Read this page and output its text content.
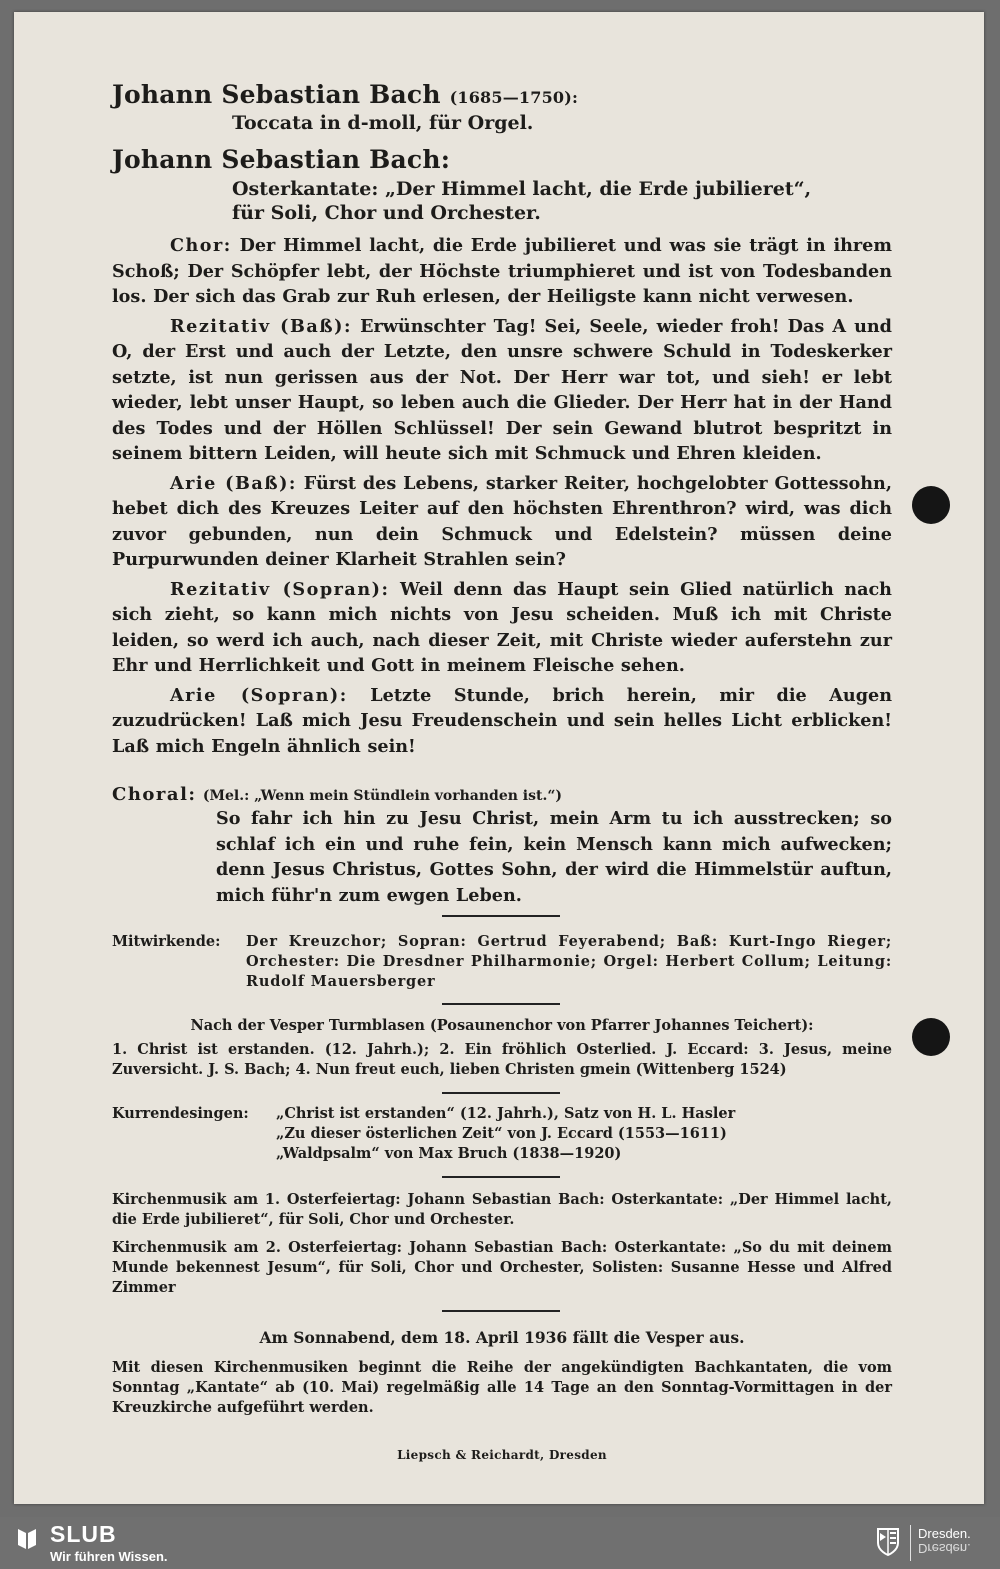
Johann Sebastian Bach (1685—1750):
Toccata in d-moll, für Orgel.
Johann Sebastian Bach:
Osterkantate: „Der Himmel lacht, die Erde jubilieret“,
für Soli, Chor und Orchester.

Chor: Der Himmel lacht, die Erde jubilieret und was sie trägt in ihrem Schoß; Der Schöpfer lebt, der Höchste triumphieret und ist von Todesbanden los. Der sich das Grab zur Ruh erlesen, der Heiligste kann nicht verwesen.

Rezitativ (Baß): Erwünschter Tag! Sei, Seele, wieder froh! Das A und O, der Erst und auch der Letzte, den unsre schwere Schuld in Todeskerker setzte, ist nun gerissen aus der Not. Der Herr war tot, und sieh! er lebt wieder, lebt unser Haupt, so leben auch die Glieder. Der Herr hat in der Hand des Todes und der Höllen Schlüssel! Der sein Gewand blutrot bespritzt in seinem bittern Leiden, will heute sich mit Schmuck und Ehren kleiden.

Arie (Baß): Fürst des Lebens, starker Reiter, hochgelobter Gottessohn, hebet dich des Kreuzes Leiter auf den höchsten Ehrenthron? wird, was dich zuvor gebunden, nun dein Schmuck und Edelstein? müssen deine Purpurwunden deiner Klarheit Strahlen sein?

Rezitativ (Sopran): Weil denn das Haupt sein Glied natürlich nach sich zieht, so kann mich nichts von Jesu scheiden. Muß ich mit Christe leiden, so werd ich auch, nach dieser Zeit, mit Christe wieder auferstehn zur Ehr und Herrlichkeit und Gott in meinem Fleische sehen.

Arie (Sopran): Letzte Stunde, brich herein, mir die Augen zuzudrücken! Laß mich Jesu Freudenschein und sein helles Licht erblicken! Laß mich Engeln ähnlich sein!

Choral: (Mel.: „Wenn mein Stündlein vorhanden ist.“)
So fahr ich hin zu Jesu Christ, mein Arm tu ich ausstrecken; so schlaf ich ein und ruhe fein, kein Mensch kann mich aufwecken; denn Jesus Christus, Gottes Sohn, der wird die Himmelstür auftun, mich führ'n zum ewgen Leben.
Mitwirkende: Der Kreuzchor; Sopran: Gertrud Feyerabend; Baß: Kurt-Ingo Rieger; Orchester: Die Dresdner Philharmonie; Orgel: Herbert Collum; Leitung: Rudolf Mauersberger
Nach der Vesper Turmblasen (Posaunenchor von Pfarrer Johannes Teichert):
1. Christ ist erstanden. (12. Jahrh.); 2. Ein fröhlich Osterlied. J. Eccard: 3. Jesus, meine Zuversicht. J. S. Bach; 4. Nun freut euch, lieben Christen gmein (Wittenberg 1524)
Kurrendesingen: „Christ ist erstanden“ (12. Jahrh.), Satz von H. L. Hasler
„Zu dieser österlichen Zeit“ von J. Eccard (1553—1611)
„Waldpsalm“ von Max Bruch (1838—1920)
Kirchenmusik am 1. Osterfeiertag: Johann Sebastian Bach: Osterkantate: „Der Himmel lacht, die Erde jubilieret“, für Soli, Chor und Orchester.
Kirchenmusik am 2. Osterfeiertag: Johann Sebastian Bach: Osterkantate: „So du mit deinem Munde bekennest Jesum“, für Soli, Chor und Orchester, Solisten: Susanne Hesse und Alfred Zimmer
Am Sonnabend, dem 18. April 1936 fällt die Vesper aus.
Mit diesen Kirchenmusiken beginnt die Reihe der angekündigten Bachkantaten, die vom Sonntag „Kantate“ ab (10. Mai) regelmäßig alle 14 Tage an den Sonntag-Vormittagen in der Kreuzkirche aufgeführt werden.
Liepsch & Reichardt, Dresden
SLUB
Wir führen Wissen.
Dresden.
Dresden.
